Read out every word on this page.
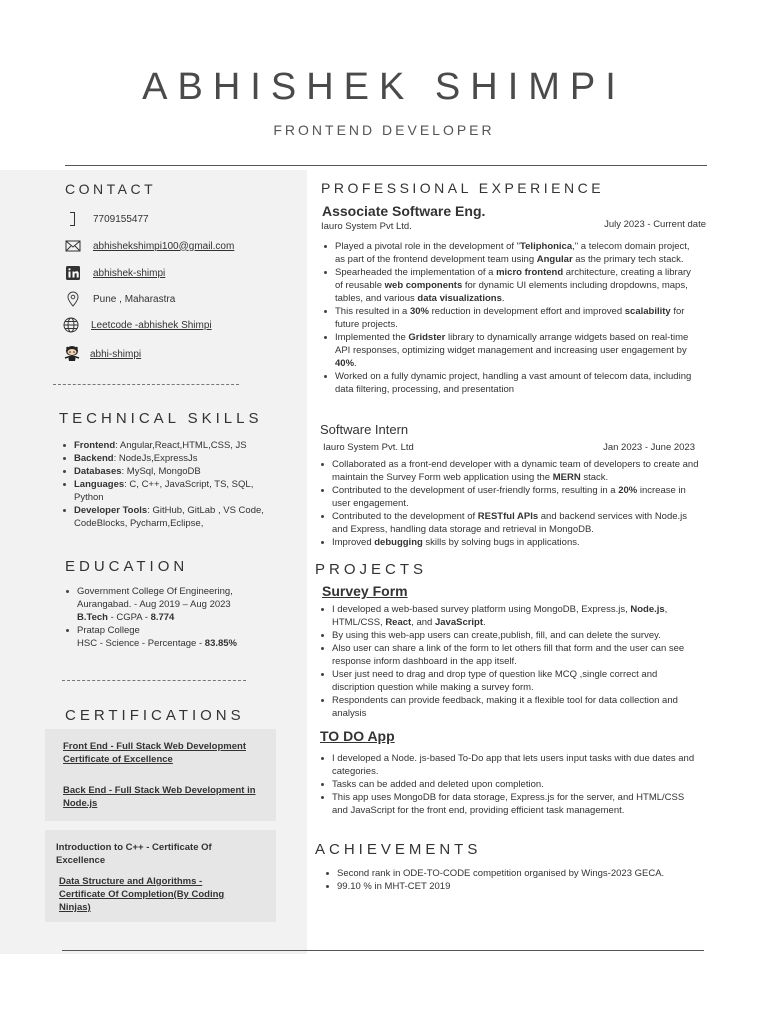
ABHISHEK SHIMPI
FRONTEND DEVELOPER
CONTACT
7709155477
abhishekshimpi100@gmail.com
abhishek-shimpi
Pune , Maharastra
Leetcode -abhishek Shimpi
abhi-shimpi
TECHNICAL SKILLS
Frontend: Angular,React,HTML,CSS, JS
Backend: NodeJs,ExpressJs
Databases: MySql, MongoDB
Languages: C, C++, JavaScript, TS, SQL, Python
Developer Tools: GitHub, GitLab , VS Code, CodeBlocks, Pycharm,Eclipse,
EDUCATION
Government College Of Engineering, Aurangabad. - Aug 2019 – Aug 2023
B.Tech - CGPA - 8.774
Pratap College
HSC - Science - Percentage - 83.85%
CERTIFICATIONS
Front End - Full Stack Web Development Certificate of Excellence
Back End - Full Stack Web Development in Node.js
Introduction to C++ - Certificate Of Excellence
Data Structure and Algorithms - Certificate Of Completion(By Coding Ninjas)
PROFESSIONAL EXPERIENCE
Associate Software Eng.
Iauro System Pvt Ltd.	July 2023 - Current date
Played a pivotal role in the development of "Teliphonica," a telecom domain project, as part of the frontend development team using Angular as the primary tech stack.
Spearheaded the implementation of a micro frontend architecture, creating a library of reusable web components for dynamic UI elements including dropdowns, maps, tables, and various data visualizations.
This resulted in a 30% reduction in development effort and improved scalability for future projects.
Implemented the Gridster library to dynamically arrange widgets based on real-time API responses, optimizing widget management and increasing user engagement by 40%.
Worked on a fully dynamic project, handling a vast amount of telecom data, including data filtering, processing, and presentation
Software Intern
Iauro System Pvt. Ltd	Jan 2023 - June 2023
Collaborated as a front-end developer with a dynamic team of developers to create and maintain the Survey Form web application using the MERN stack.
Contributed to the development of user-friendly forms, resulting in a 20% increase in user engagement.
Contributed to the development of RESTful APIs and backend services with Node.js and Express, handling data storage and retrieval in MongoDB.
Improved debugging skills by solving bugs in applications.
PROJECTS
Survey Form
I developed a web-based survey platform using MongoDB, Express.js, Node.js, HTML/CSS, React, and JavaScript.
By using this web-app users can create,publish, fill, and can delete the survey.
Also user can share a link of the form to let others fill that form and the user can see response inform dashboard in the app itself.
User just need to drag and drop type of question like MCQ ,single correct and discription question while making a survey form.
Respondents can provide feedback, making it a flexible tool for data collection and analysis
TO DO App
I developed a Node. js-based To-Do app that lets users input tasks with due dates and categories.
Tasks can be added and deleted upon completion.
This app uses MongoDB for data storage, Express.js for the server, and HTML/CSS and JavaScript for the front end, providing efficient task management.
ACHIEVEMENTS
Second rank in ODE-TO-CODE competition organised by Wings-2023 GECA.
99.10 % in MHT-CET 2019
